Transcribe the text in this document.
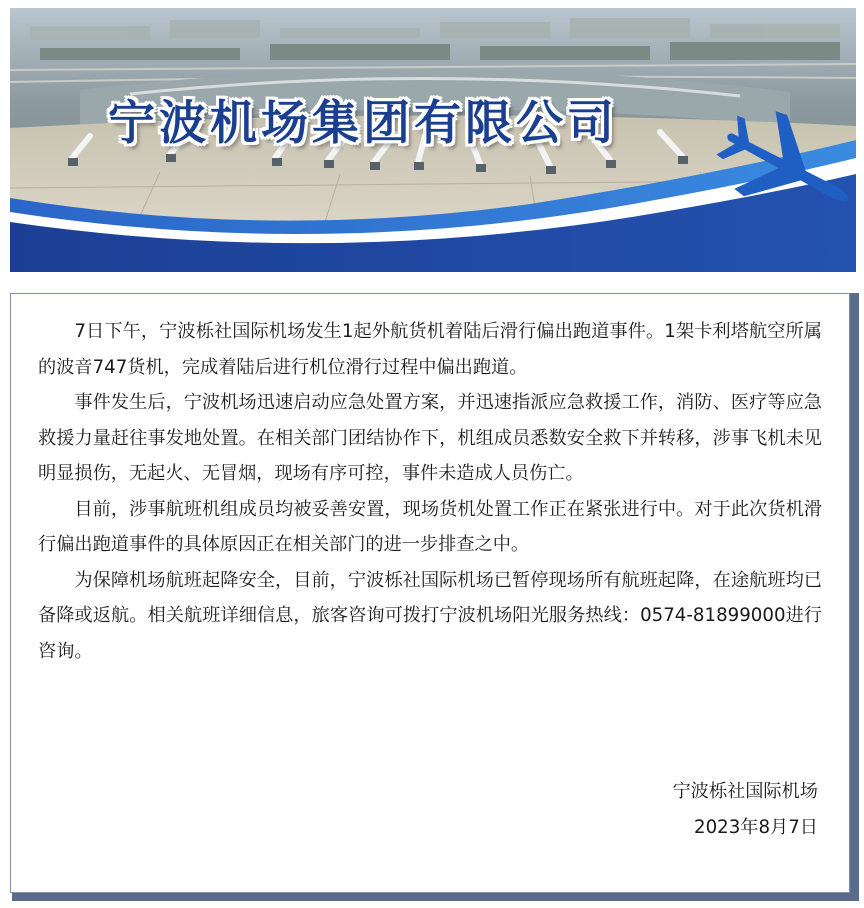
宁波机场集团有限公司

7日下午，宁波栎社国际机场发生1起外航货机着陆后滑行偏出跑道事件。1架卡利塔航空所属的波音747货机，完成着陆后进行机位滑行过程中偏出跑道。

事件发生后，宁波机场迅速启动应急处置方案，并迅速指派应急救援工作，消防、医疗等应急救援力量赶往事发地处置。在相关部门团结协作下，机组成员悉数安全救下并转移，涉事飞机未见明显损伤，无起火、无冒烟，现场有序可控，事件未造成人员伤亡。

目前，涉事航班机组成员均被妥善安置，现场货机处置工作正在紧张进行中。对于此次货机滑行偏出跑道事件的具体原因正在相关部门的进一步排查之中。

为保障机场航班起降安全，目前，宁波栎社国际机场已暂停现场所有航班起降，在途航班均已备降或返航。相关航班详细信息，旅客咨询可拨打宁波机场阳光服务热线：0574-81899000进行咨询。

宁波栎社国际机场
2023年8月7日
